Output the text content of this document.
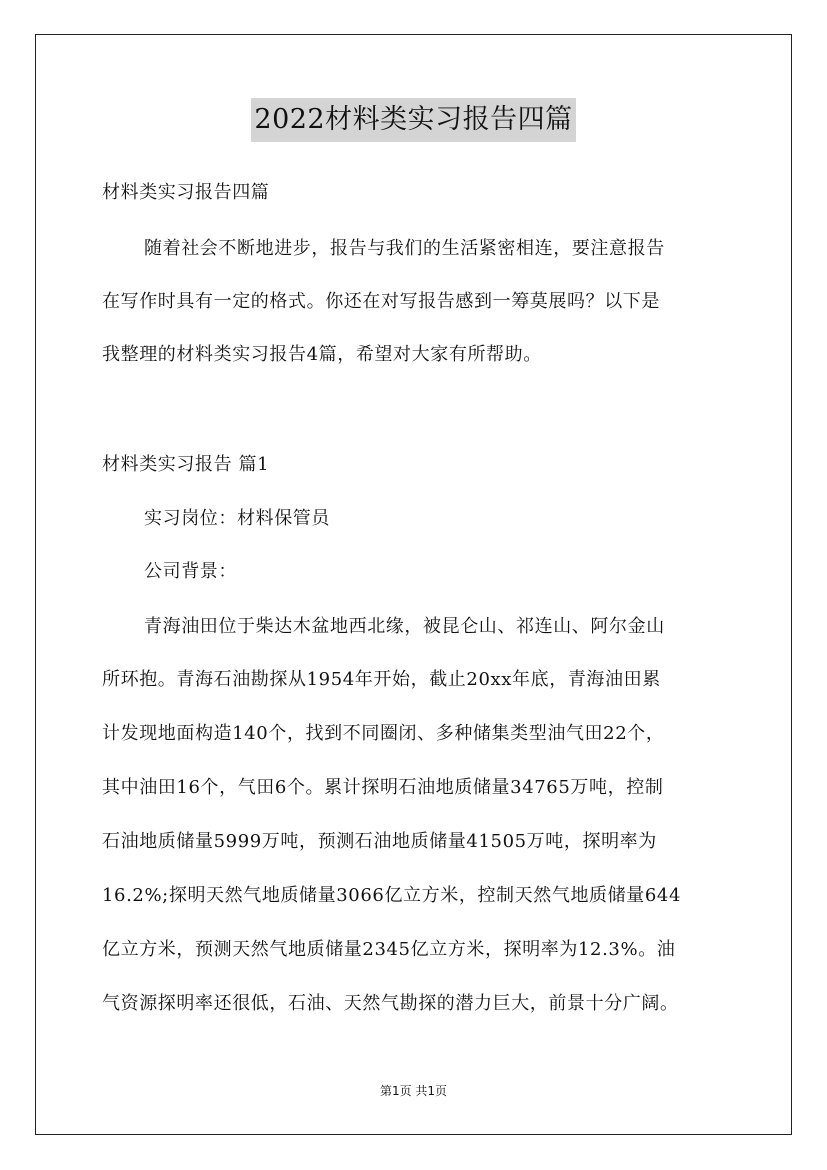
2022材料类实习报告四篇
材料类实习报告四篇
随着社会不断地进步，报告与我们的生活紧密相连，要注意报告
在写作时具有一定的格式。你还在对写报告感到一筹莫展吗？以下是
我整理的材料类实习报告4篇，希望对大家有所帮助。
材料类实习报告 篇1
实习岗位：材料保管员
公司背景：
青海油田位于柴达木盆地西北缘，被昆仑山、祁连山、阿尔金山
所环抱。青海石油勘探从1954年开始，截止20xx年底，青海油田累
计发现地面构造140个，找到不同圈闭、多种储集类型油气田22个，
其中油田16个，气田6个。累计探明石油地质储量34765万吨，控制
石油地质储量5999万吨，预测石油地质储量41505万吨，探明率为
16.2%;探明天然气地质储量3066亿立方米，控制天然气地质储量644
亿立方米，预测天然气地质储量2345亿立方米，探明率为12.3%。油
气资源探明率还很低，石油、天然气勘探的潜力巨大，前景十分广阔。
第1页 共1页
